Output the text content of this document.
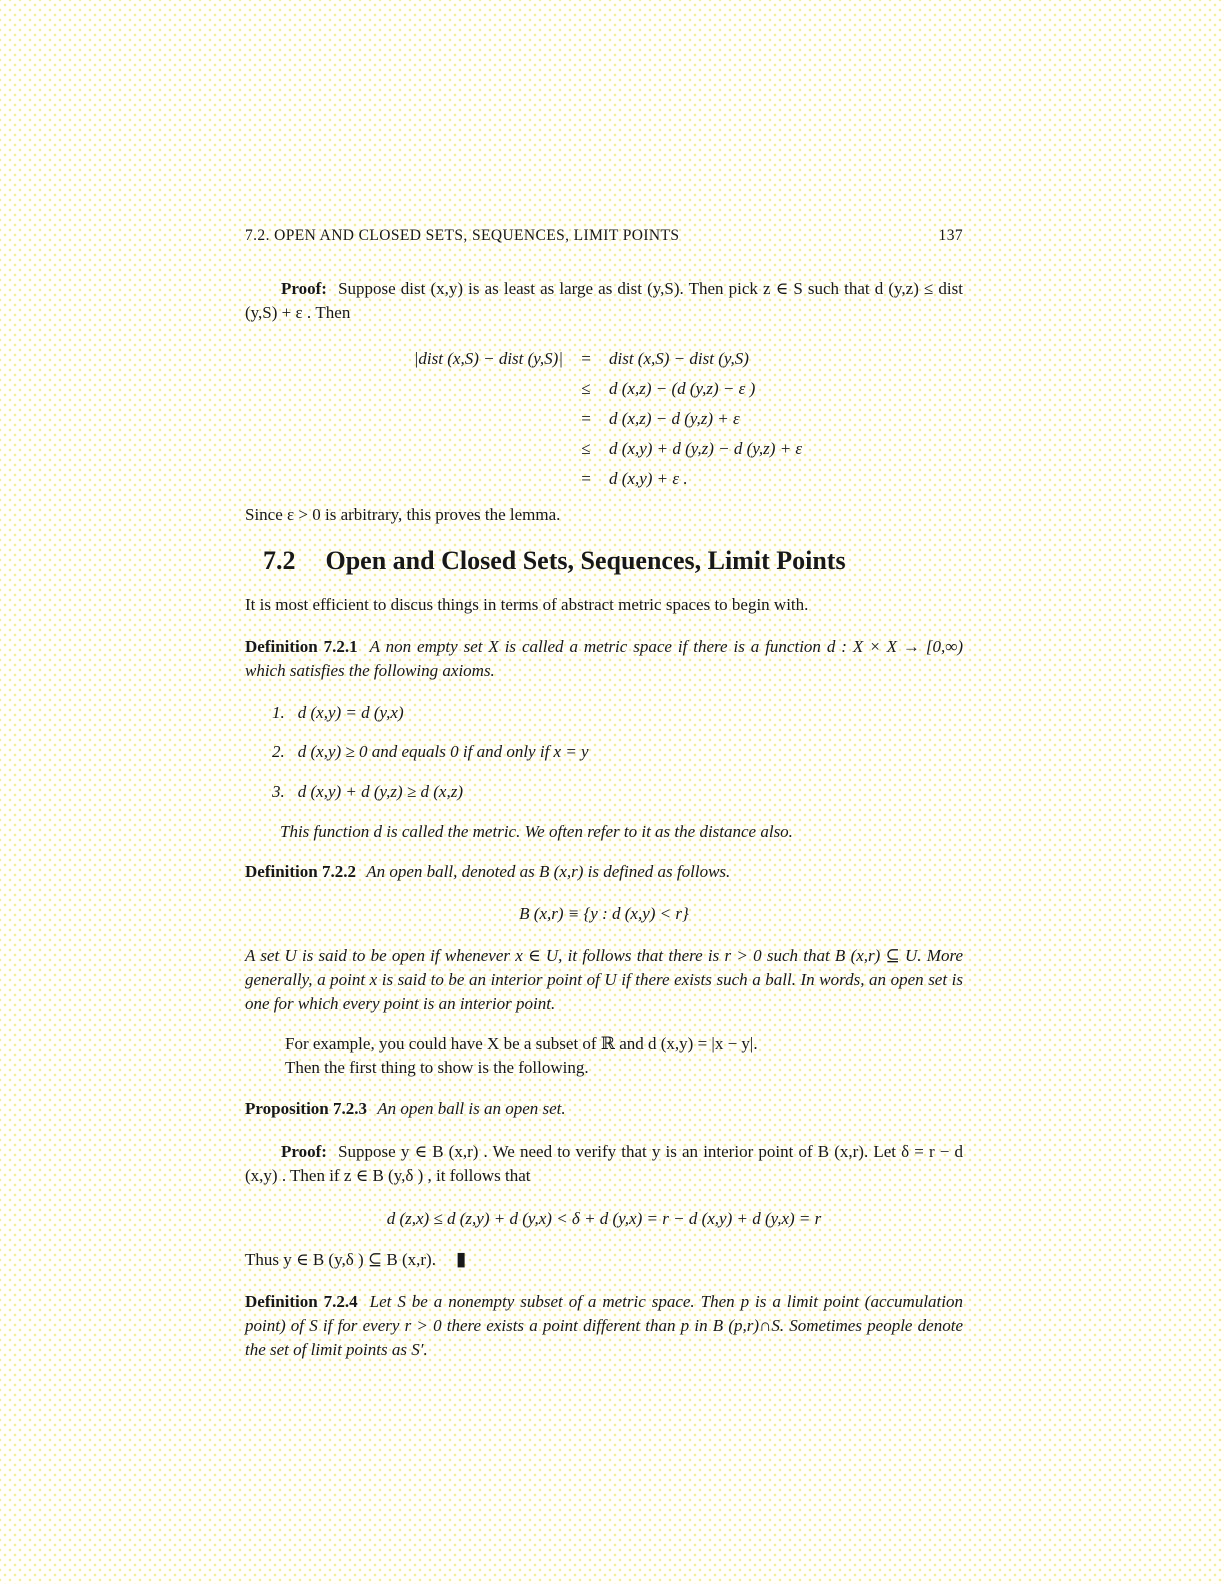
7.2. OPEN AND CLOSED SETS, SEQUENCES, LIMIT POINTS	137
Proof: Suppose dist (x,y) is as least as large as dist (y,S). Then pick z ∈ S such that d (y,z) ≤ dist (y,S) + ε . Then
|dist (x,S) − dist (y,S)|	=	dist (x,S) − dist (y,S)
≤	d (x,z) − (d (y,z) − ε )
=	d (x,z) − d (y,z) + ε
≤	d (x,y) + d (y,z) − d (y,z) + ε
=	d (x,y) + ε .
Since ε > 0 is arbitrary, this proves the lemma.
7.2 Open and Closed Sets, Sequences, Limit Points
It is most efficient to discus things in terms of abstract metric spaces to begin with.
Definition 7.2.1 A non empty set X is called a metric space if there is a function d : X × X → [0,∞) which satisfies the following axioms.
1. d (x,y) = d (y,x)
2. d (x,y) ≥ 0 and equals 0 if and only if x = y
3. d (x,y) + d (y,z) ≥ d (x,z)
This function d is called the metric. We often refer to it as the distance also.
Definition 7.2.2 An open ball, denoted as B (x,r) is defined as follows.
B (x,r) ≡ {y : d (x,y) < r}
A set U is said to be open if whenever x ∈ U, it follows that there is r > 0 such that B (x,r) ⊆ U. More generally, a point x is said to be an interior point of U if there exists such a ball. In words, an open set is one for which every point is an interior point.
For example, you could have X be a subset of ℝ and d (x,y) = |x − y|.
Then the first thing to show is the following.
Proposition 7.2.3 An open ball is an open set.
Proof: Suppose y ∈ B (x,r) . We need to verify that y is an interior point of B (x,r). Let δ = r − d (x,y) . Then if z ∈ B (y,δ ) , it follows that
d (z,x) ≤ d (z,y) + d (y,x) < δ + d (y,x) = r − d (x,y) + d (y,x) = r
Thus y ∈ B (y,δ ) ⊆ B (x,r). ▮
Definition 7.2.4 Let S be a nonempty subset of a metric space. Then p is a limit point (accumulation point) of S if for every r > 0 there exists a point different than p in B (p,r)∩S. Sometimes people denote the set of limit points as S′.
